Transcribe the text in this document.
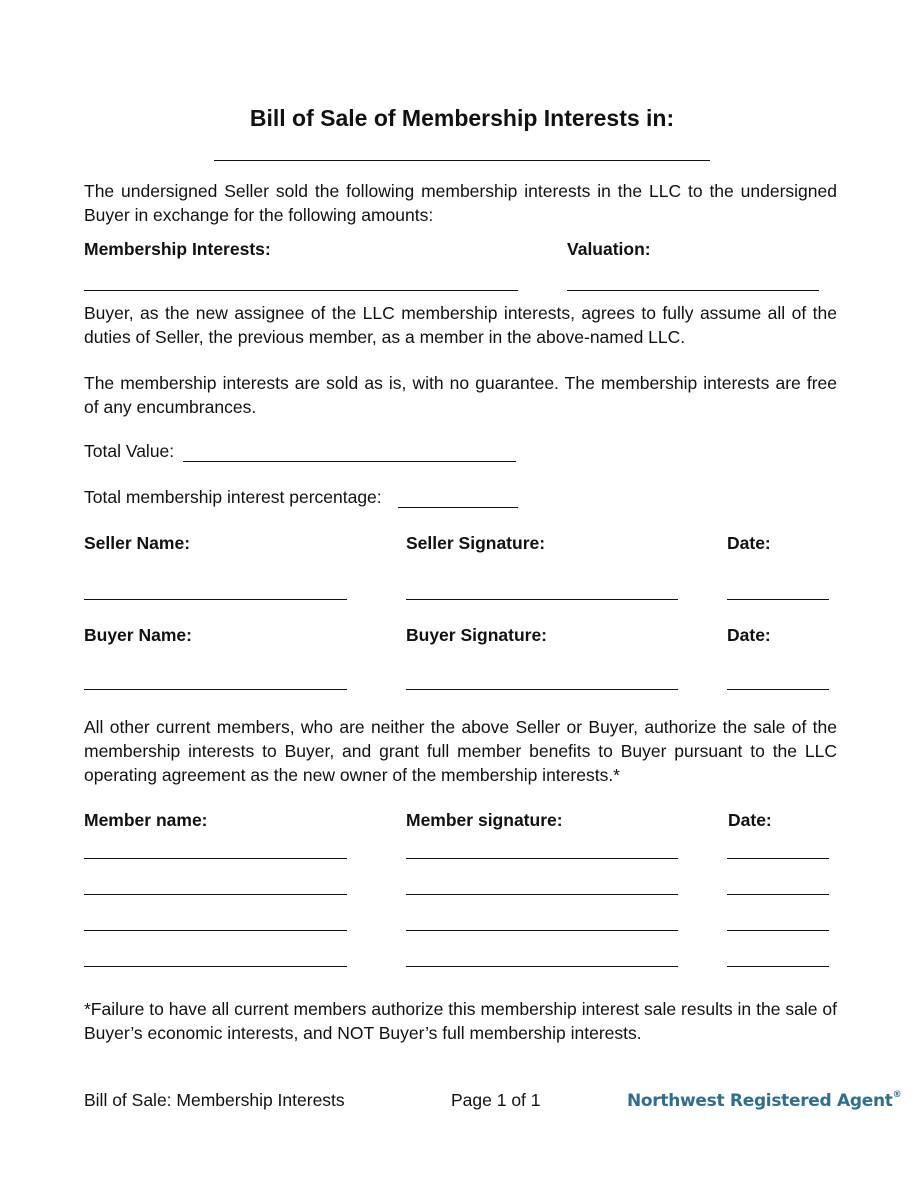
Bill of Sale of Membership Interests in:
The undersigned Seller sold the following membership interests in the LLC to the undersigned Buyer in exchange for the following amounts:
Membership Interests:	Valuation:
Buyer, as the new assignee of the LLC membership interests, agrees to fully assume all of the duties of Seller, the previous member, as a member in the above-named LLC.
The membership interests are sold as is, with no guarantee. The membership interests are free of any encumbrances.
Total Value:
Total membership interest percentage:
Seller Name:	Seller Signature:	Date:
Buyer Name:	Buyer Signature:	Date:
All other current members, who are neither the above Seller or Buyer, authorize the sale of the membership interests to Buyer, and grant full member benefits to Buyer pursuant to the LLC operating agreement as the new owner of the membership interests.*
Member name:	Member signature:	Date:
*Failure to have all current members authorize this membership interest sale results in the sale of Buyer’s economic interests, and NOT Buyer’s full membership interests.
Bill of Sale: Membership Interests	Page 1 of 1	Northwest Registered Agent®
